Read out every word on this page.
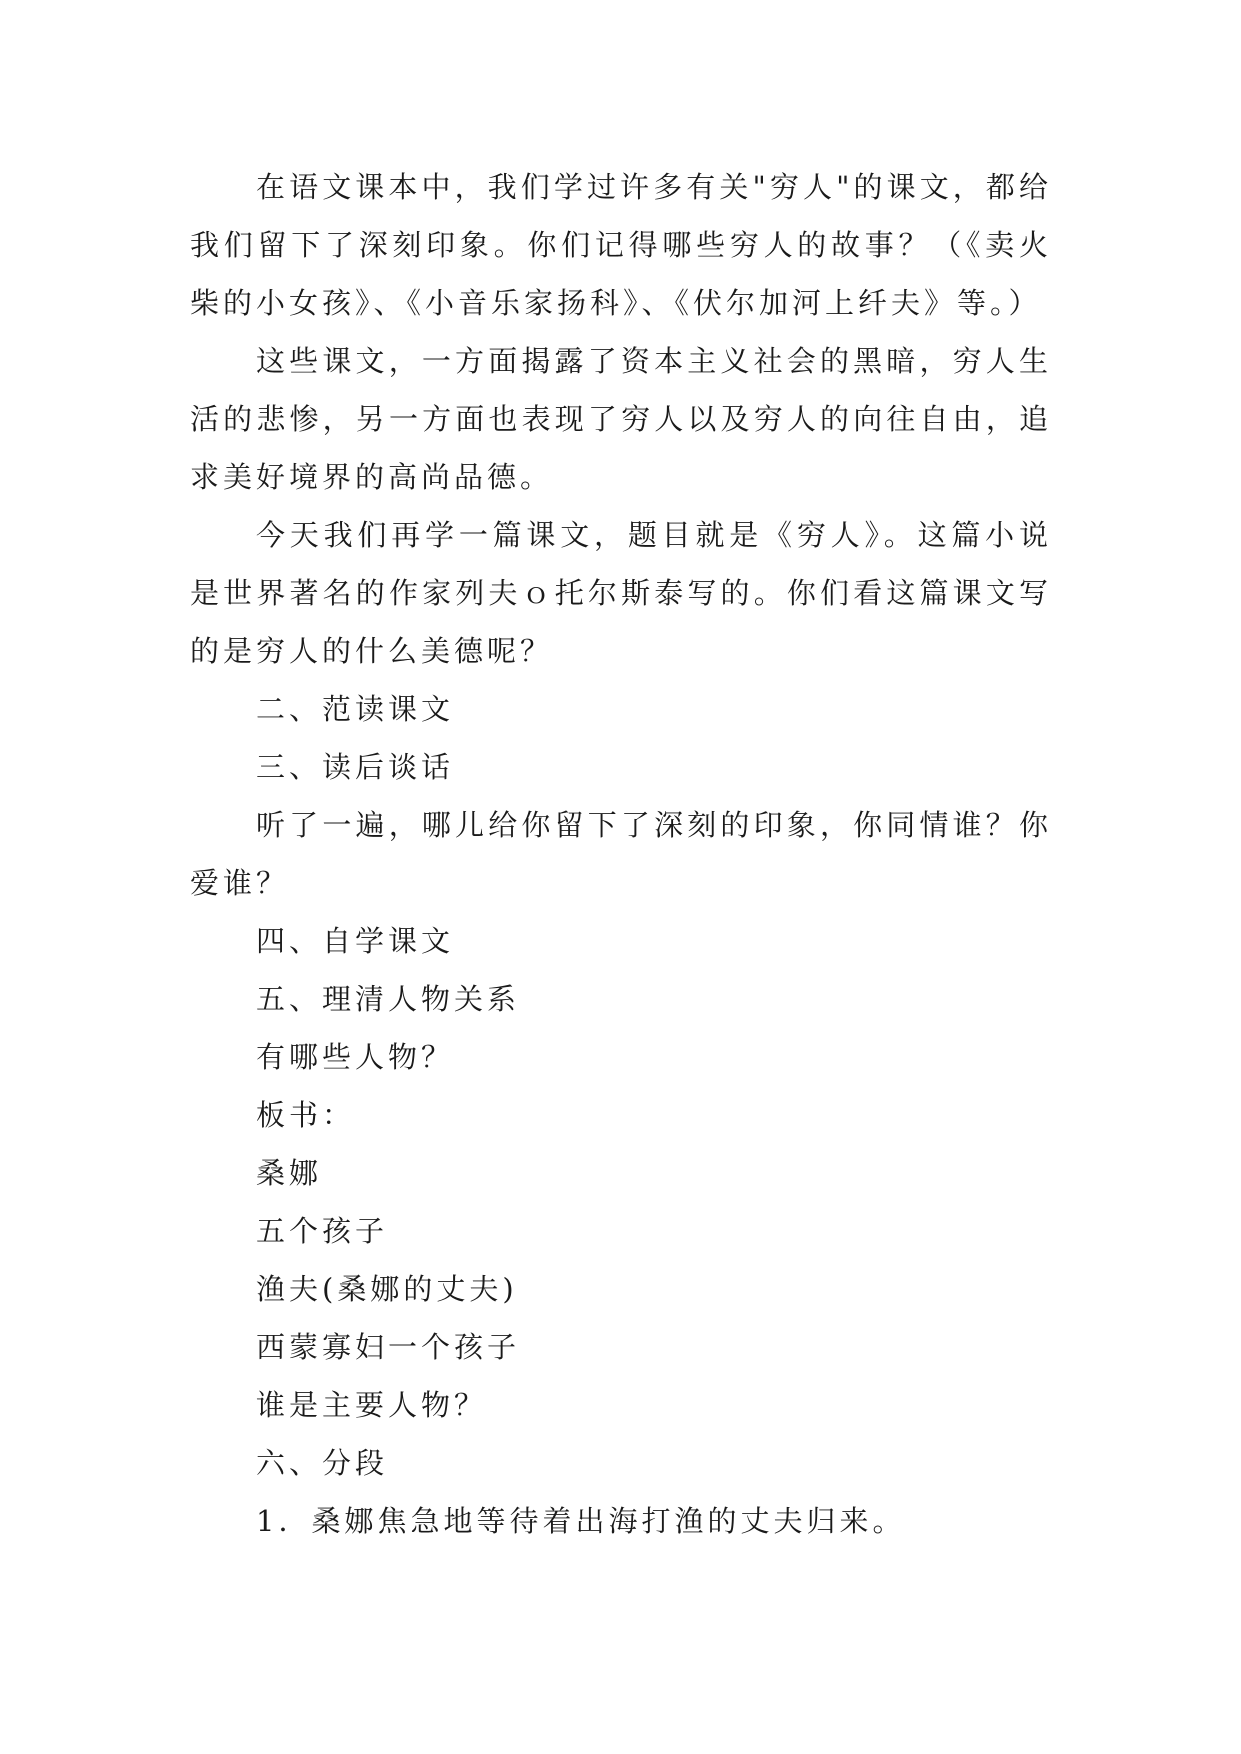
在语文课本中，我们学过许多有关"穷人"的课文，都给我们留下了深刻印象。你们记得哪些穷人的故事？（《卖火柴的小女孩》、《小音乐家扬科》、《伏尔加河上纤夫》等。）

这些课文，一方面揭露了资本主义社会的黑暗，穷人生活的悲惨，另一方面也表现了穷人以及穷人的向往自由，追求美好境界的高尚品德。

今天我们再学一篇课文，题目就是《穷人》。这篇小说是世界著名的作家列夫ｏ托尔斯泰写的。你们看这篇课文写的是穷人的什么美德呢？

二、范读课文

三、读后谈话

听了一遍，哪儿给你留下了深刻的印象，你同情谁？你爱谁？

四、自学课文

五、理清人物关系

有哪些人物？

板书：

桑娜

五个孩子

渔夫(桑娜的丈夫)

西蒙寡妇一个孩子

谁是主要人物？

六、分段

1．桑娜焦急地等待着出海打渔的丈夫归来。
